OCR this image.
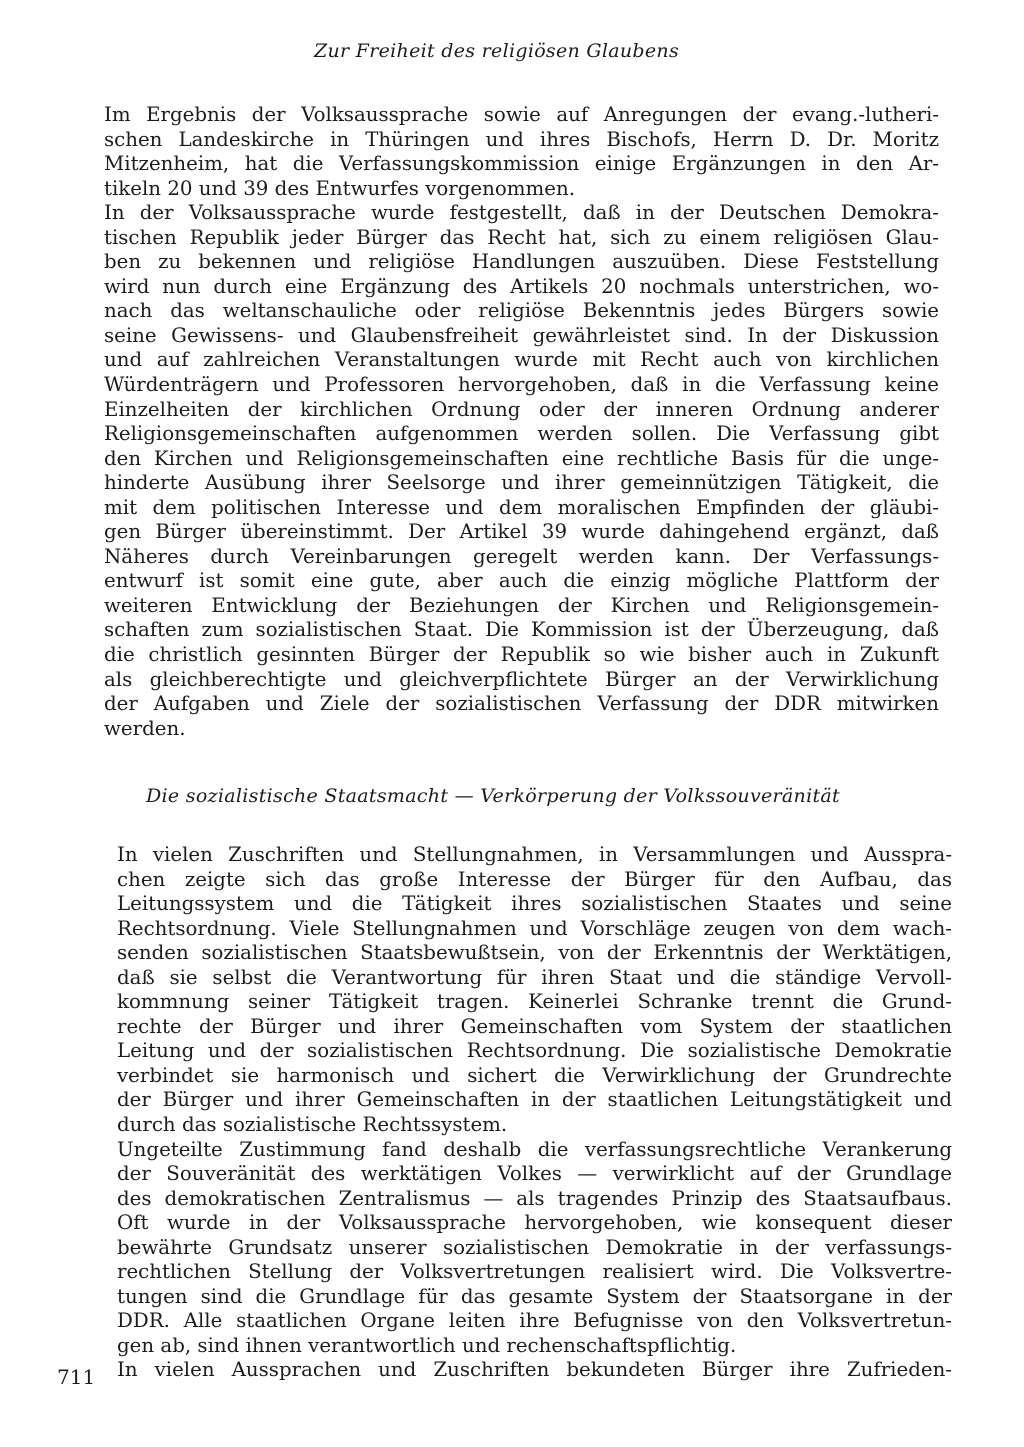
Zur Freiheit des religiösen Glaubens
Im Ergebnis der Volksaussprache sowie auf Anregungen der evang.-lutheri-
schen Landeskirche in Thüringen und ihres Bischofs, Herrn D. Dr. Moritz
Mitzenheim, hat die Verfassungskommission einige Ergänzungen in den Ar-
tikeln 20 und 39 des Entwurfes vorgenommen.
In der Volksaussprache wurde festgestellt, daß in der Deutschen Demokra-
tischen Republik jeder Bürger das Recht hat, sich zu einem religiösen Glau-
ben zu bekennen und religiöse Handlungen auszuüben. Diese Feststellung
wird nun durch eine Ergänzung des Artikels 20 nochmals unterstrichen, wo-
nach das weltanschauliche oder religiöse Bekenntnis jedes Bürgers sowie
seine Gewissens- und Glaubensfreiheit gewährleistet sind. In der Diskussion
und auf zahlreichen Veranstaltungen wurde mit Recht auch von kirchlichen
Würdenträgern und Professoren hervorgehoben, daß in die Verfassung keine
Einzelheiten der kirchlichen Ordnung oder der inneren Ordnung anderer
Religionsgemeinschaften aufgenommen werden sollen. Die Verfassung gibt
den Kirchen und Religionsgemeinschaften eine rechtliche Basis für die unge-
hinderte Ausübung ihrer Seelsorge und ihrer gemeinnützigen Tätigkeit, die
mit dem politischen Interesse und dem moralischen Empfinden der gläubi-
gen Bürger übereinstimmt. Der Artikel 39 wurde dahingehend ergänzt, daß
Näheres durch Vereinbarungen geregelt werden kann. Der Verfassungs-
entwurf ist somit eine gute, aber auch die einzig mögliche Plattform der
weiteren Entwicklung der Beziehungen der Kirchen und Religionsgemein-
schaften zum sozialistischen Staat. Die Kommission ist der Überzeugung, daß
die christlich gesinnten Bürger der Republik so wie bisher auch in Zukunft
als gleichberechtigte und gleichverpflichtete Bürger an der Verwirklichung
der Aufgaben und Ziele der sozialistischen Verfassung der DDR mitwirken
werden.
Die sozialistische Staatsmacht — Verkörperung der Volkssouveränität
In vielen Zuschriften und Stellungnahmen, in Versammlungen und Ausspra-
chen zeigte sich das große Interesse der Bürger für den Aufbau, das
Leitungssystem und die Tätigkeit ihres sozialistischen Staates und seine
Rechtsordnung. Viele Stellungnahmen und Vorschläge zeugen von dem wach-
senden sozialistischen Staatsbewußtsein, von der Erkenntnis der Werktätigen,
daß sie selbst die Verantwortung für ihren Staat und die ständige Vervoll-
kommnung seiner Tätigkeit tragen. Keinerlei Schranke trennt die Grund-
rechte der Bürger und ihrer Gemeinschaften vom System der staatlichen
Leitung und der sozialistischen Rechtsordnung. Die sozialistische Demokratie
verbindet sie harmonisch und sichert die Verwirklichung der Grundrechte
der Bürger und ihrer Gemeinschaften in der staatlichen Leitungstätigkeit und
durch das sozialistische Rechtssystem.
Ungeteilte Zustimmung fand deshalb die verfassungsrechtliche Verankerung
der Souveränität des werktätigen Volkes — verwirklicht auf der Grundlage
des demokratischen Zentralismus — als tragendes Prinzip des Staatsaufbaus.
Oft wurde in der Volksaussprache hervorgehoben, wie konsequent dieser
bewährte Grundsatz unserer sozialistischen Demokratie in der verfassungs-
rechtlichen Stellung der Volksvertretungen realisiert wird. Die Volksvertre-
tungen sind die Grundlage für das gesamte System der Staatsorgane in der
DDR. Alle staatlichen Organe leiten ihre Befugnisse von den Volksvertretun-
gen ab, sind ihnen verantwortlich und rechenschaftspflichtig.
In vielen Aussprachen und Zuschriften bekundeten Bürger ihre Zufrieden-
711
